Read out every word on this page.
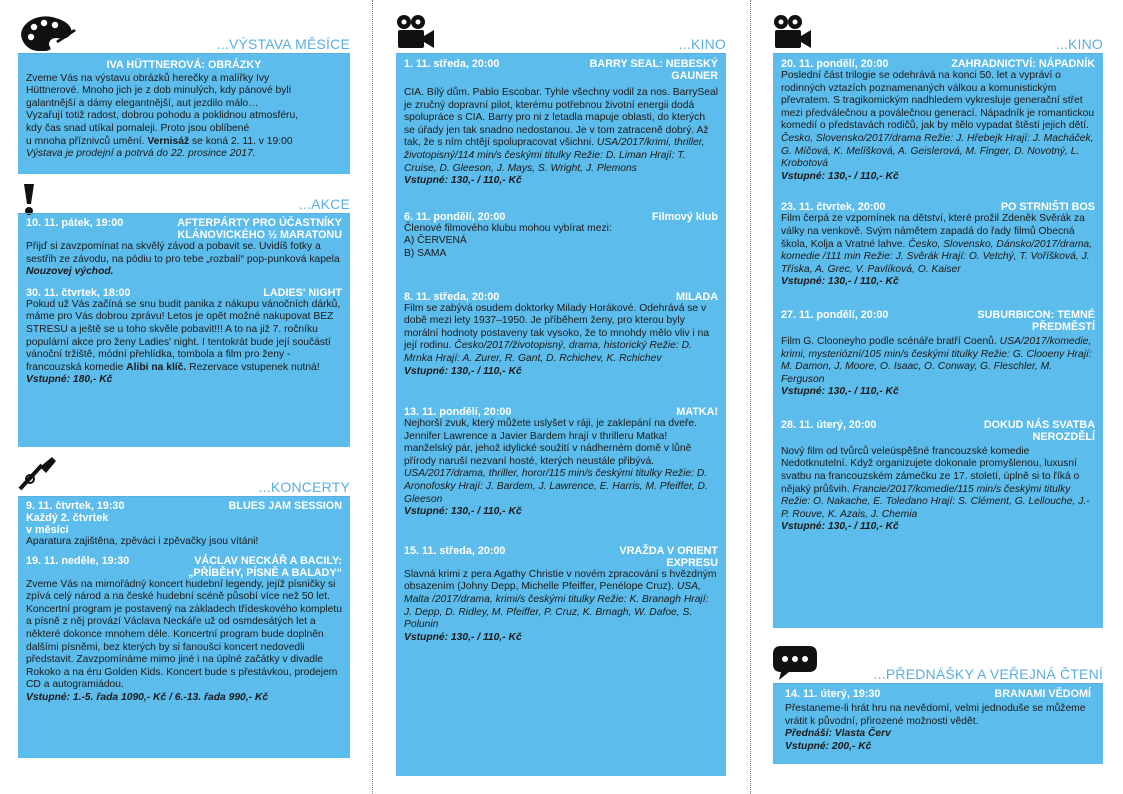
...VÝSTAVA MĚSÍCE
IVA HÜTTNEROVÁ: OBRÁZKY

Zveme Vás na výstavu obrázků herečky a malířky Ivy
Hüttnerové. Mnoho jich je z dob minulých, kdy pánové byli
galantnější a dámy elegantnější, aut jezdilo málo…
Vyzařují totiž radost, dobrou pohodu a poklidnou atmosféru,
kdy čas snad utíkal pomaleji. Proto jsou oblíbené
u mnoha příznivců umění. Vernisáž se koná 2. 11. v 19:00
Výstava je prodejní a potrvá do 22. prosince 2017.

...AKCE
10. 11. pátek, 19:00	AFTERPÁRTY PRO ÚČASTNÍKY KLÁNOVICKÉHO ½ MARATONU

Přijď si zavzpomínat na skvělý závod a pobavit se. Uvidíš fotky a sestřih ze závodu, na pódiu to pro tebe „rozbalí“ pop-punková kapela Nouzovej východ.

30. 11. čtvrtek, 18:00	LADIES' NIGHT

Pokud už Vás začíná se snu budit panika z nákupu vánočních dárků, máme pro Vás dobrou zprávu! Letos je opět možné nakupovat BEZ STRESU a ještě se u toho skvěle pobavit!!! A to na již 7. ročníku populární akce pro ženy Ladies' night. I tentokrát bude její součástí vánoční tržiště, módní přehlídka, tombola a film pro ženy - francouzská komedie Alibi na klíč. Rezervace vstupenek nutná!

Vstupné: 180,- Kč

...KONCERTY
9. 11. čtvrtek, 19:30
Každý 2. čtvrtek
v měsíci
BLUES JAM SESSION

Aparatura zajištěna, zpěváci i zpěvačky jsou vítáni!

19. 11. neděle, 19:30	VÁCLAV NECKÁŘ A BACILY: „PŘÍBĚHY, PÍSNĚ A BALADY“

Zveme Vás na mimořádný koncert hudební legendy, jejíž písničky si zpívá celý národ a na české hudební scéně působí více než 50 let. Koncertní program je postavený na základech třídeskového kompletu a písně z něj provází Václava Neckáře už od osmdesátých let a některé dokonce mnohem déle. Koncertní program bude doplněn dalšími písněmi, bez kterých by si fanoušci koncert nedovedli představit. Zavzpomínáme mimo jiné i na úplné začátky v divadle Rokoko a na éru Golden Kids. Koncert bude s přestávkou, prodejem CD a autogramiádou.

Vstupné: 1.-5. řada 1090,- Kč / 6.-13. řada 990,- Kč

...KINO
1. 11. středa, 20:00	BARRY SEAL: NEBESKÝ GAUNER

CIA. Bílý dům. Pablo Escobar. Tyhle všechny vodil za nos. BarrySeal je zručný dopravní pilot, kterému potřebnou životní energii dodá spolupráce s CIA. Barry pro ni z letadla mapuje oblasti, do kterých se úřady jen tak snadno nedostanou. Je v tom zatraceně dobrý. Až tak, že s ním chtějí spolupracovat všichni. USA/2017/krimi, thriller, životopisný/114 min/s českými titulky Režie: D. Liman Hrají: T. Cruise, D. Gleeson, J. Mays, S. Wright, J. Plemons

Vstupné: 130,- / 110,- Kč

6. 11. pondělí, 20:00	Filmový klub

Členové filmového klubu mohou vybírat mezi:

A) ČERVENÁ

B) SAMA

8. 11. středa, 20:00	MILADA

Film se zabývá osudem doktorky Milady Horákové. Odehrává se v době mezi lety 1937–1950. Je příběhem ženy, pro kterou byly morální hodnoty postaveny tak vysoko, že to mnohdy mělo vliv i na její rodinu. Česko/2017/životopisný, drama, historický Režie: D. Mrnka Hrají: A. Zurer, R. Gant, D. Rchichev, K. Rchichev

Vstupné: 130,- / 110,- Kč

13. 11. pondělí, 20:00	MATKA!

Nejhorší zvuk, který můžete uslyšet v ráji, je zaklepání na dveře. Jennifer Lawrence a Javier Bardem hrají v thrilleru Matka! manželský pár, jehož idylické soužití v nádherném domě v lůně přírody naruší nezvaní hosté, kterých neustále přibývá. USA/2017/drama, thriller, horor/115 min/s českými titulky Režie: D. Aronofosky Hrají: J. Bardem, J. Lawrence, E. Harris, M. Pfeiffer, D. Gleeson

Vstupné: 130,- / 110,- Kč

15. 11. středa, 20:00	VRAŽDA V ORIENT EXPRESU

Slavná krimi z pera Agathy Christie v novém zpracování s hvězdným obsazením (Johny Depp, Michelle Pfeiffer, Penélope Cruz). USA, Malta /2017/drama, krimi/s českými titulky Režie: K. Branagh Hrají: J. Depp, D. Ridley, M. Pfeiffer, P. Cruz, K. Brnagh, W. Dafoe, S. Polunin

Vstupné: 130,- / 110,- Kč

...KINO
20. 11. pondělí, 20:00	ZAHRADNICTVÍ: NÁPADNÍK

Poslední část trilogie se odehrává na konci 50. let a vypráví o rodinných vztazích poznamenaných válkou a komunistickým převratem. S tragikomickým nadhledem vykresluje generační střet mezi předválečnou a poválečnou generací. Nápadník je romantickou komedií o představách rodičů, jak by mělo vypadat štěstí jejich dětí. Česko, Slovensko/2017/drama Režie: J. Hřebejk Hrají: J. Macháček, G. Míčová, K. Melíšková, A. Geislerová, M. Finger, D. Novotný, L. Krobotová

Vstupné: 130,- / 110,- Kč

23. 11. čtvrtek, 20:00	PO STRNIŠTI BOS

Film čerpá ze vzpomínek na dětství, které prožil Zdeněk Svěrák za války na venkově. Svým námětem zapadá do řady filmů Obecná škola, Kolja a Vratné lahve. Česko, Slovensko, Dánsko/2017/drama, komedie /111 min Režie: J. Svěrák Hrají: O. Vetchý, T. Voříšková, J. Tříska, A. Grec, V. Pavlíková, O. Kaiser

Vstupné: 130,- / 110,- Kč

27. 11. pondělí, 20:00	SUBURBICON: TEMNÉ PŘEDMĚSTÍ

Film G. Clooneyho podle scénáře bratří Coenů. USA/2017/komedie, krimi, mysteriózní/105 min/s českými titulky Režie: G. Clooeny Hrají: M. Damon, J. Moore, O. Isaac, O. Conway, G. Fleschler, M. Ferguson

Vstupné: 130,- / 110,- Kč

28. 11. úterý, 20:00	DOKUD NÁS SVATBA NEROZDĚLÍ

Nový film od tvůrců veleúspěšné francouzské komedie Nedotknutelní. Když organizujete dokonale promyšlenou, luxusní svatbu na francouzském zámečku ze 17. století, úplně si to říká o nějaký průšvih. Francie/2017/komedie/115 min/s českými titulky Režie: O. Nakache, E. Toledano Hrají: S. Clément, G. Lellouche, J.-P. Rouve, K. Azais, J. Chemia

Vstupné: 130,- / 110,- Kč

...PŘEDNÁŠKY A VEŘEJNÁ ČTENÍ
14. 11. úterý, 19:30	BRANAMI VĚDOMÍ

Přestaneme-li hrát hru na nevědomí, velmi jednoduše se můžeme vrátit k původní, přirozené možnosti vědět.

Přednáší: Vlasta Červ

Vstupné: 200,- Kč
